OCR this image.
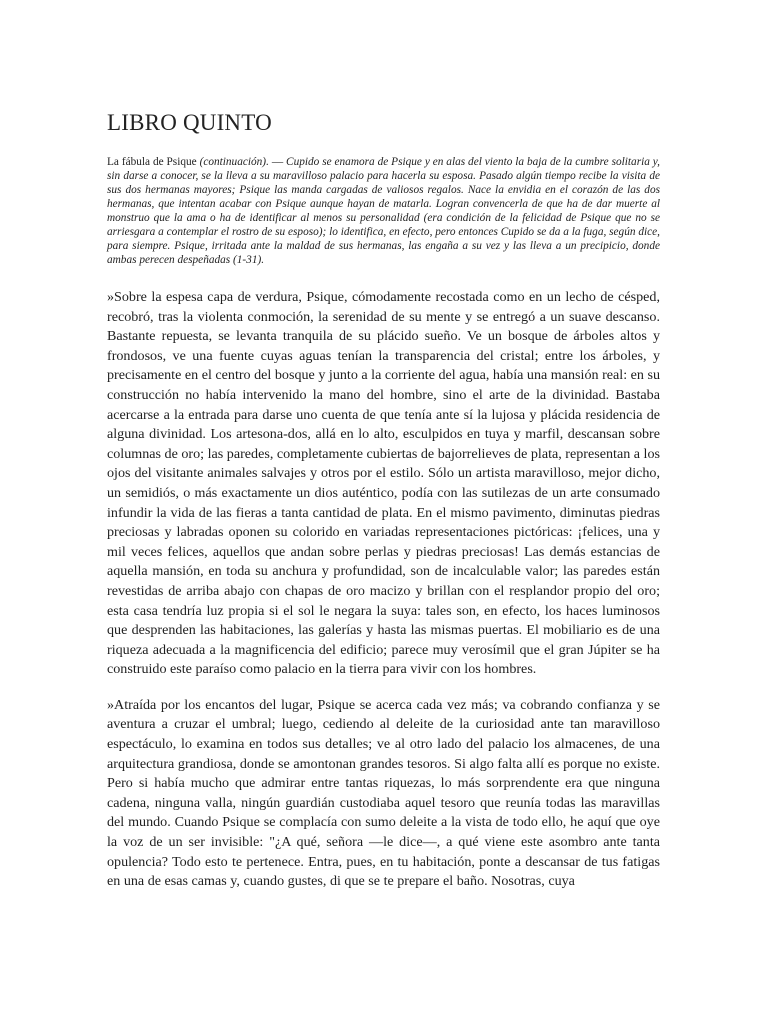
LIBRO QUINTO

La fábula de Psique (continuación). — Cupido se enamora de Psique y en alas del viento la baja de la cumbre solitaria y, sin darse a conocer, se la lleva a su maravilloso palacio para hacerla su esposa. Pasado algún tiempo recibe la visita de sus dos hermanas mayores; Psique las manda cargadas de valiosos regalos. Nace la envidia en el corazón de las dos hermanas, que intentan acabar con Psique aunque hayan de matarla. Logran convencerla de que ha de dar muerte al monstruo que la ama o ha de identificar al menos su personalidad (era condición de la felicidad de Psique que no se arriesgara a contemplar el rostro de su esposo); lo identifica, en efecto, pero entonces Cupido se da a la fuga, según dice, para siempre. Psique, irritada ante la maldad de sus hermanas, las engaña a su vez y las lleva a un precipicio, donde ambas perecen despeñadas (1-31).

»Sobre la espesa capa de verdura, Psique, cómodamente recostada como en un lecho de césped, recobró, tras la violenta conmoción, la serenidad de su mente y se entregó a un suave descanso. Bastante repuesta, se levanta tranquila de su plácido sueño. Ve un bosque de árboles altos y frondosos, ve una fuente cuyas aguas tenían la transparencia del cristal; entre los árboles, y precisamente en el centro del bosque y junto a la corriente del agua, había una mansión real: en su construcción no había intervenido la mano del hombre, sino el arte de la divinidad. Bastaba acercarse a la entrada para darse uno cuenta de que tenía ante sí la lujosa y plácida residencia de alguna divinidad. Los artesona-dos, allá en lo alto, esculpidos en tuya y marfil, descansan sobre columnas de oro; las paredes, completamente cubiertas de bajorrelieves de plata, representan a los ojos del visitante animales salvajes y otros por el estilo. Sólo un artista maravilloso, mejor dicho, un semidiós, o más exactamente un dios auténtico, podía con las sutilezas de un arte consumado infundir la vida de las fieras a tanta cantidad de plata. En el mismo pavimento, diminutas piedras preciosas y labradas oponen su colorido en variadas representaciones pictóricas: ¡felices, una y mil veces felices, aquellos que andan sobre perlas y piedras preciosas! Las demás estancias de aquella mansión, en toda su anchura y profundidad, son de incalculable valor; las paredes están revestidas de arriba abajo con chapas de oro macizo y brillan con el resplandor propio del oro; esta casa tendría luz propia si el sol le negara la suya: tales son, en efecto, los haces luminosos que desprenden las habitaciones, las galerías y hasta las mismas puertas. El mobiliario es de una riqueza adecuada a la magnificencia del edificio; parece muy verosímil que el gran Júpiter se ha construido este paraíso como palacio en la tierra para vivir con los hombres.

»Atraída por los encantos del lugar, Psique se acerca cada vez más; va cobrando confianza y se aventura a cruzar el umbral; luego, cediendo al deleite de la curiosidad ante tan maravilloso espectáculo, lo examina en todos sus detalles; ve al otro lado del palacio los almacenes, de una arquitectura grandiosa, donde se amontonan grandes tesoros. Si algo falta allí es porque no existe. Pero si había mucho que admirar entre tantas riquezas, lo más sorprendente era que ninguna cadena, ninguna valla, ningún guardián custodiaba aquel tesoro que reunía todas las maravillas del mundo. Cuando Psique se complacía con sumo deleite a la vista de todo ello, he aquí que oye la voz de un ser invisible: "¿A qué, señora —le dice—, a qué viene este asombro ante tanta opulencia? Todo esto te pertenece. Entra, pues, en tu habitación, ponte a descansar de tus fatigas en una de esas camas y, cuando gustes, di que se te prepare el baño. Nosotras, cuya
